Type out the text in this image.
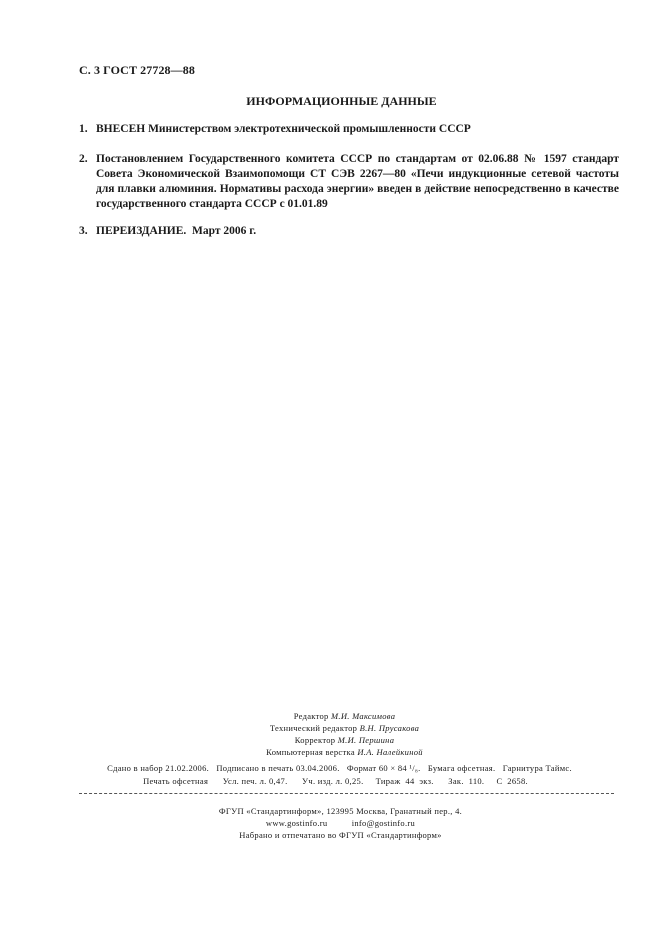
С. 3 ГОСТ 27728—88
ИНФОРМАЦИОННЫЕ ДАННЫЕ
1. ВНЕСЕН Министерством электротехнической промышленности СССР
2. Постановлением Государственного комитета СССР по стандартам от 02.06.88 № 1597 стандарт Совета Экономической Взаимопомощи СТ СЭВ 2267—80 «Печи индукционные сетевой частоты для плавки алюминия. Нормативы расхода энергии» введен в действие непосредственно в качестве государственного стандарта СССР с 01.01.89
3. ПЕРЕИЗДАНИЕ.  Март 2006 г.
Редактор М.И. Максимова
Технический редактор В.Н. Прусакова
Корректор М.И. Першина
Компьютерная верстка И.А. Налейкиной
Сдано в набор 21.02.2006.   Подписано в печать 03.04.2006.   Формат 60 × 84 ¹/₈.   Бумага офсетная.   Гарнитура Таймс.
Печать офсетная      Усл. печ. л. 0,47.      Уч. изд. л. 0,25.     Тираж  44  экз.      Зак.  110.     С  2658.
ФГУП «Стандартинформ», 123995 Москва, Гранатный пер., 4.
www.gostinfo.ru          info@gostinfo.ru
Набрано и отпечатано во ФГУП «Стандартинформ»
